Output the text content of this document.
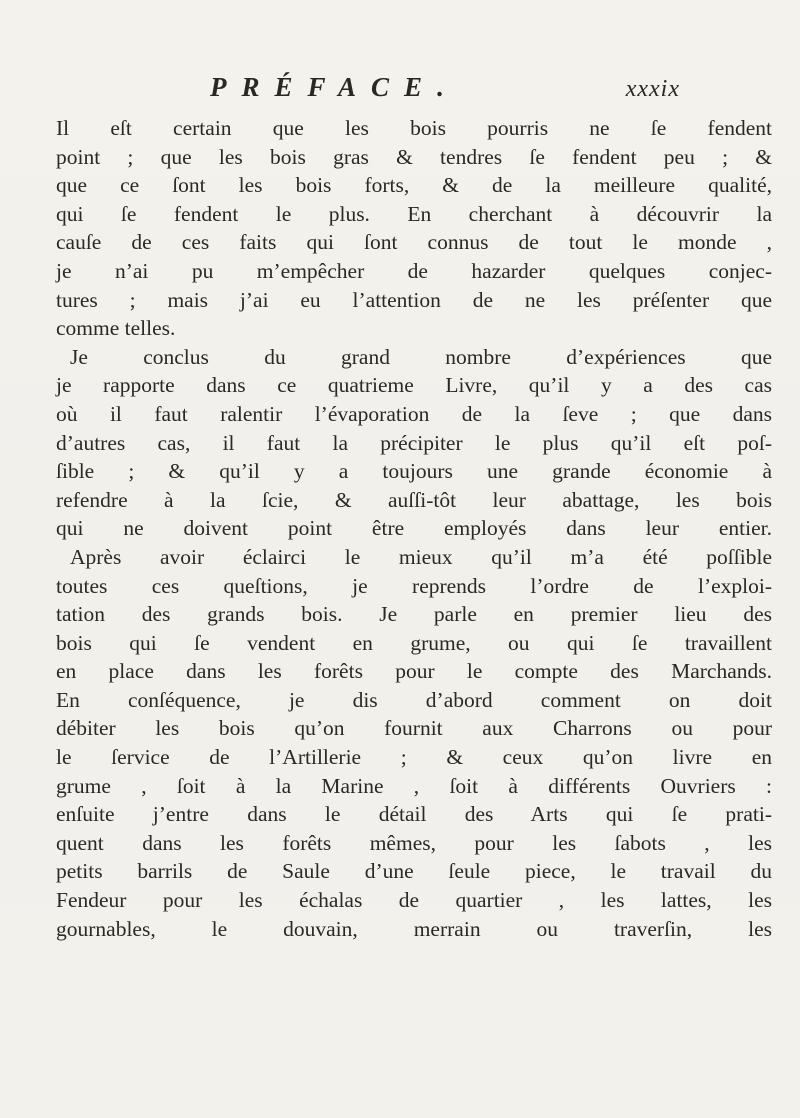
PRÉFACE.	xxxix
Il eſt certain que les bois pourris ne ſe fendent
point ; que les bois gras & tendres ſe fendent peu ; &
que ce ſont les bois forts, & de la meilleure qualité,
qui ſe fendent le plus. En cherchant à découvrir la
cauſe de ces faits qui ſont connus de tout le monde ,
je n’ai pu m’empêcher de hazarder quelques conjec-
tures ; mais j’ai eu l’attention de ne les préſenter que
comme telles.
Je conclus du grand nombre d’expériences que
je rapporte dans ce quatrieme Livre, qu’il y a des cas
où il faut ralentir l’évaporation de la ſeve ; que dans
d’autres cas, il faut la précipiter le plus qu’il eſt poſ-
ſible ; & qu’il y a toujours une grande économie à
refendre à la ſcie, & auſſi-tôt leur abattage, les bois
qui ne doivent point être employés dans leur entier.
Après avoir éclairci le mieux qu’il m’a été poſſible
toutes ces queſtions, je reprends l’ordre de l’exploi-
tation des grands bois. Je parle en premier lieu des
bois qui ſe vendent en grume, ou qui ſe travaillent
en place dans les forêts pour le compte des Marchands.
En conſéquence, je dis d’abord comment on doit
débiter les bois qu’on fournit aux Charrons ou pour
le ſervice de l’Artillerie ; & ceux qu’on livre en
grume , ſoit à la Marine , ſoit à différents Ouvriers :
enſuite j’entre dans le détail des Arts qui ſe prati-
quent dans les forêts mêmes, pour les ſabots , les
petits barrils de Saule d’une ſeule piece, le travail du
Fendeur pour les échalas de quartier , les lattes, les
gournables, le douvain, merrain ou traverſin, les
